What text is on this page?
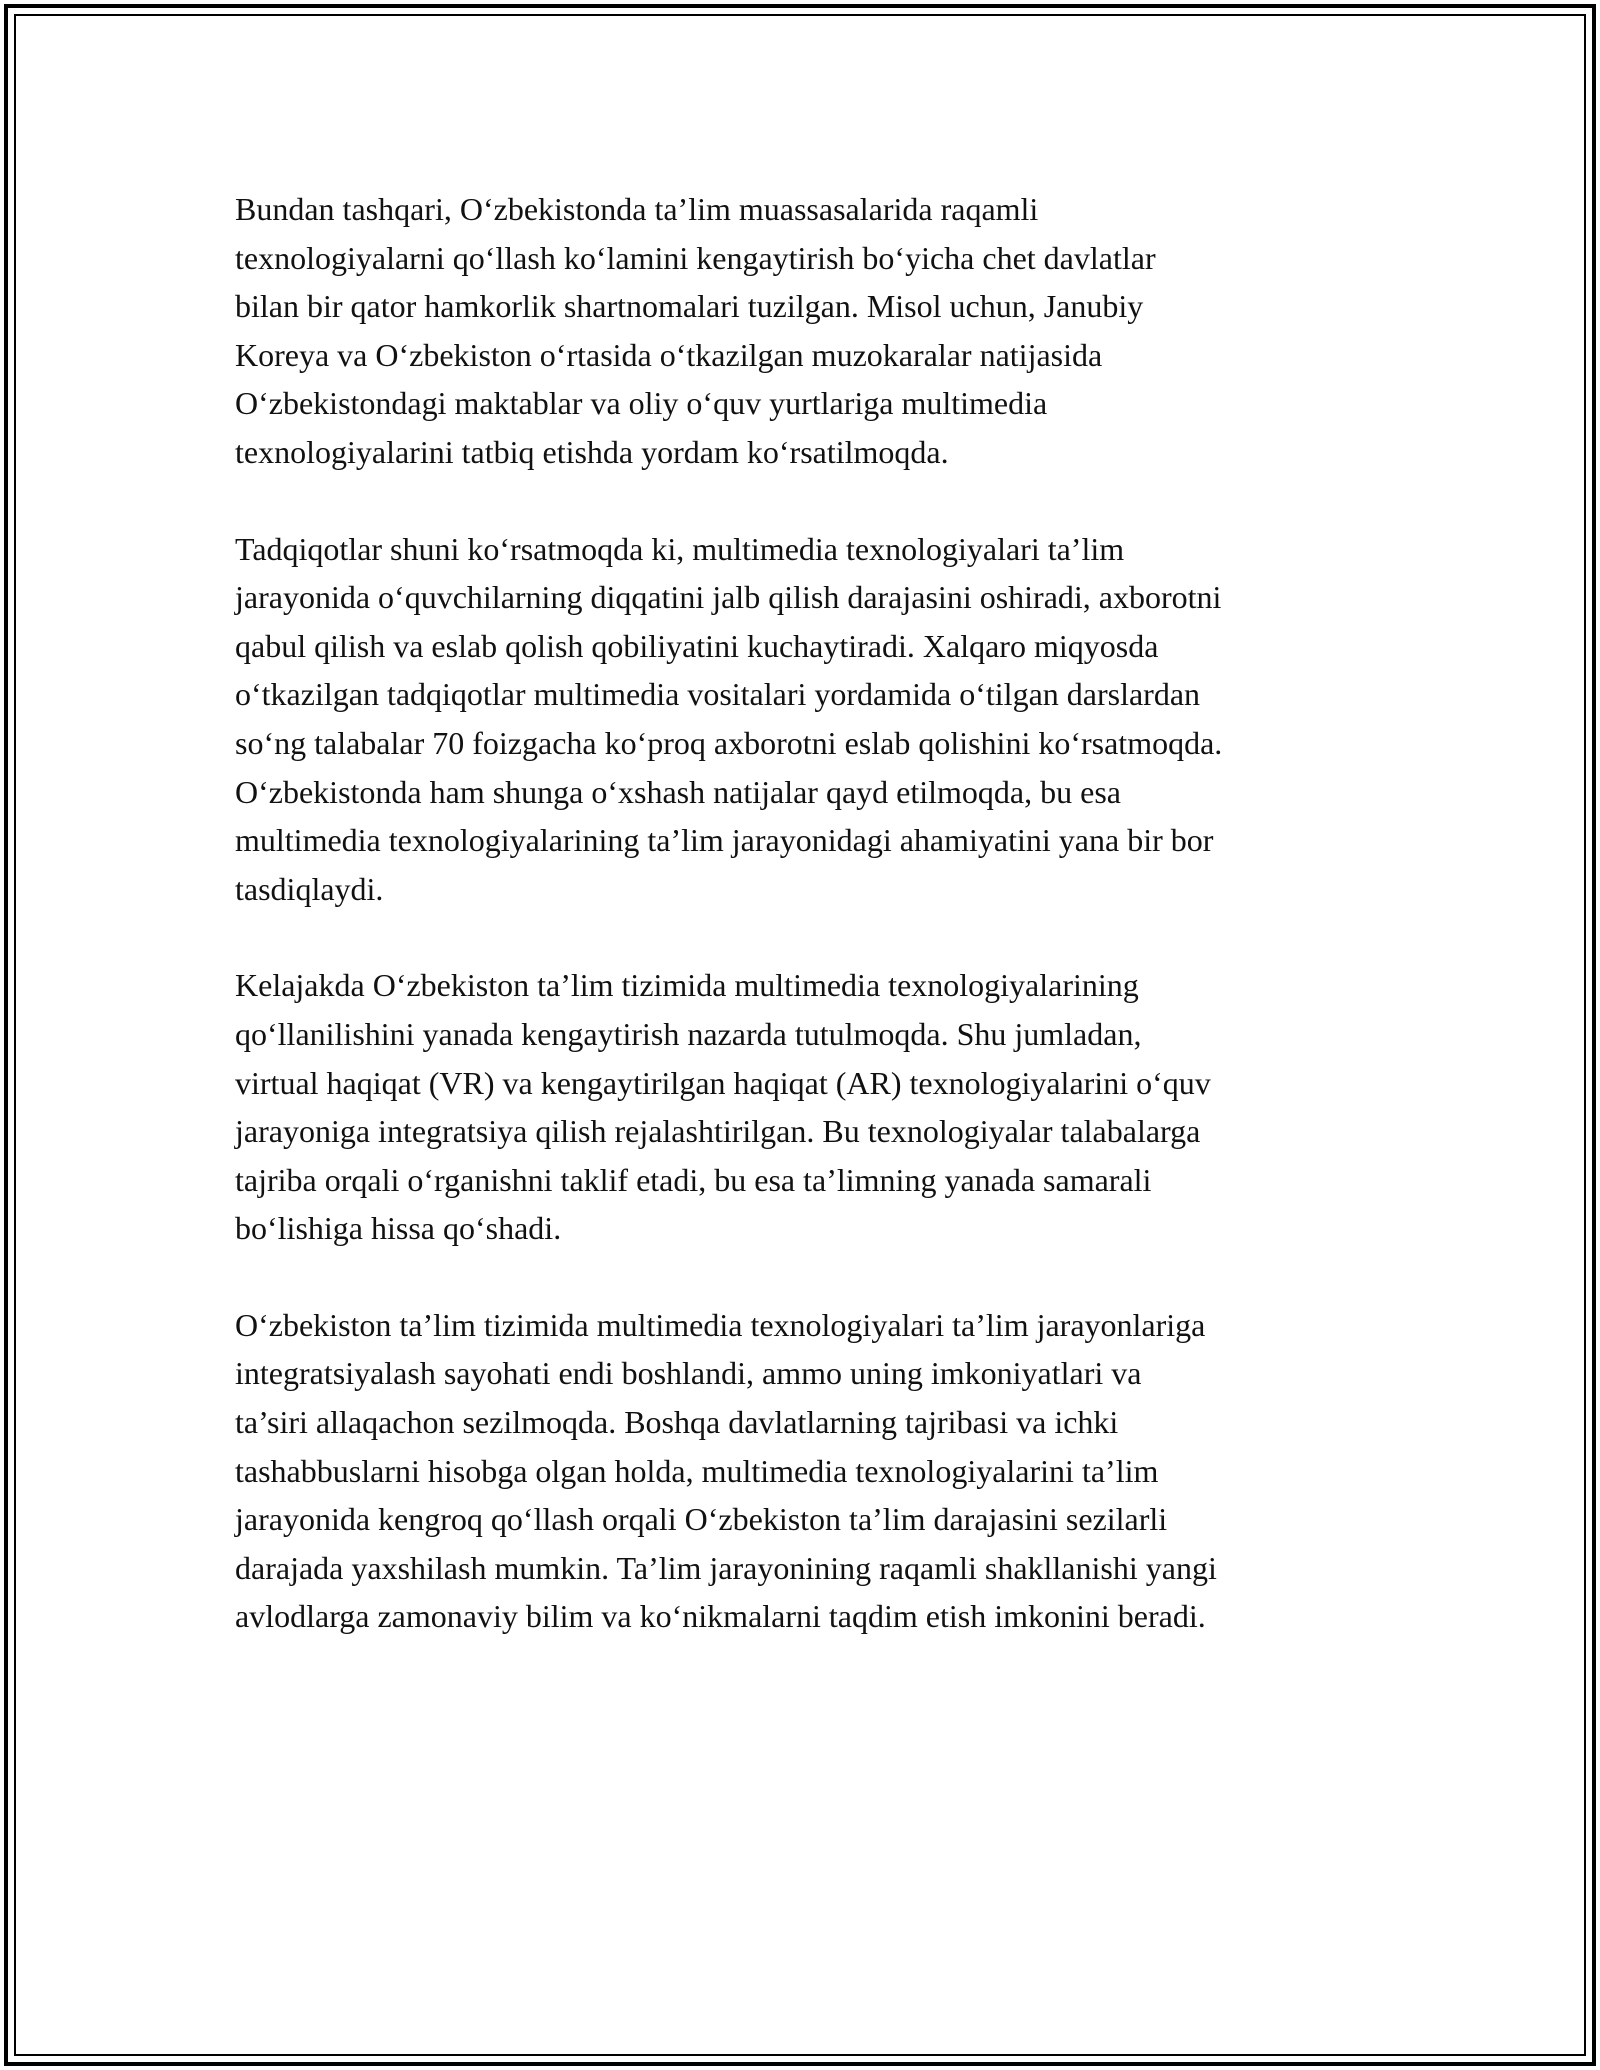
Bundan tashqari, O‘zbekistonda ta’lim muassasalarida raqamli
texnologiyalarni qo‘llash ko‘lamini kengaytirish bo‘yicha chet davlatlar
bilan bir qator hamkorlik shartnomalari tuzilgan. Misol uchun, Janubiy
Koreya va O‘zbekiston o‘rtasida o‘tkazilgan muzokaralar natijasida
O‘zbekistondagi maktablar va oliy o‘quv yurtlariga multimedia
texnologiyalarini tatbiq etishda yordam ko‘rsatilmoqda.

Tadqiqotlar shuni ko‘rsatmoqda ki, multimedia texnologiyalari ta’lim
jarayonida o‘quvchilarning diqqatini jalb qilish darajasini oshiradi, axborotni
qabul qilish va eslab qolish qobiliyatini kuchaytiradi. Xalqaro miqyosda
o‘tkazilgan tadqiqotlar multimedia vositalari yordamida o‘tilgan darslardan
so‘ng talabalar 70 foizgacha ko‘proq axborotni eslab qolishini ko‘rsatmoqda.
O‘zbekistonda ham shunga o‘xshash natijalar qayd etilmoqda, bu esa
multimedia texnologiyalarining ta’lim jarayonidagi ahamiyatini yana bir bor
tasdiqlaydi.

Kelajakda O‘zbekiston ta’lim tizimida multimedia texnologiyalarining
qo‘llanilishini yanada kengaytirish nazarda tutulmoqda. Shu jumladan,
virtual haqiqat (VR) va kengaytirilgan haqiqat (AR) texnologiyalarini o‘quv
jarayoniga integratsiya qilish rejalashtirilgan. Bu texnologiyalar talabalarga
tajriba orqali o‘rganishni taklif etadi, bu esa ta’limning yanada samarali
bo‘lishiga hissa qo‘shadi.

O‘zbekiston ta’lim tizimida multimedia texnologiyalari ta’lim jarayonlariga
integratsiyalash sayohati endi boshlandi, ammo uning imkoniyatlari va
ta’siri allaqachon sezilmoqda. Boshqa davlatlarning tajribasi va ichki
tashabbuslarni hisobga olgan holda, multimedia texnologiyalarini ta’lim
jarayonida kengroq qo‘llash orqali O‘zbekiston ta’lim darajasini sezilarli
darajada yaxshilash mumkin. Ta’lim jarayonining raqamli shakllanishi yangi
avlodlarga zamonaviy bilim va ko‘nikmalarni taqdim etish imkonini beradi.
